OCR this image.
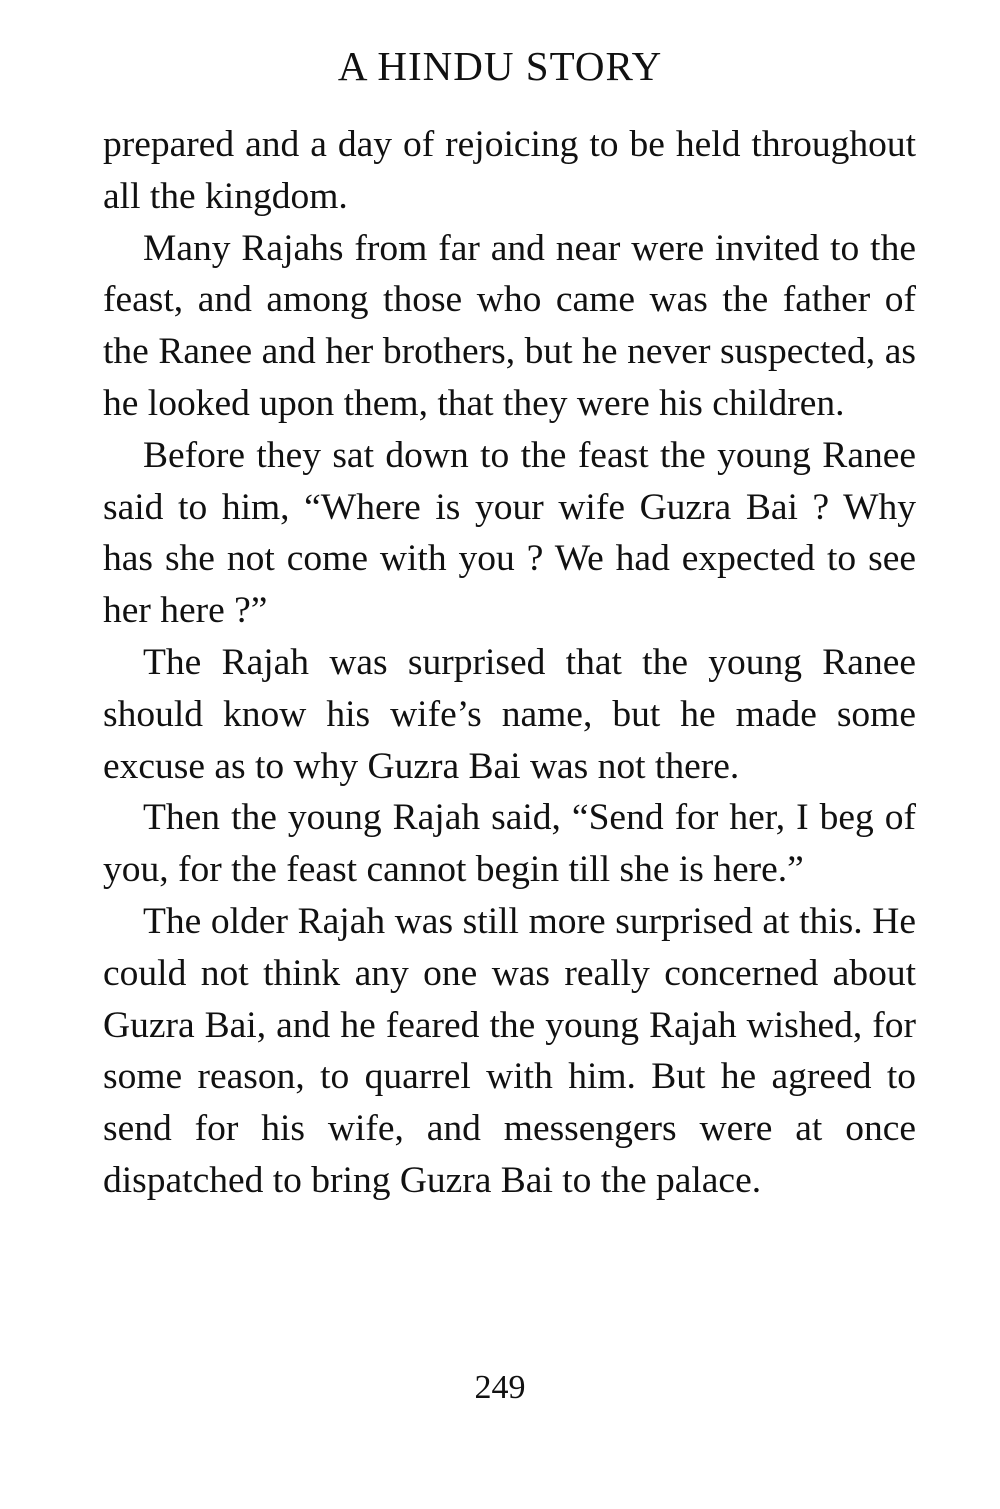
A HINDU STORY

prepared and a day of rejoicing to be held throughout all the kingdom.

Many Rajahs from far and near were invited to the feast, and among those who came was the father of the Ranee and her brothers, but he never suspected, as he looked upon them, that they were his children.

Before they sat down to the feast the young Ranee said to him, “Where is your wife Guzra Bai ? Why has she not come with you ? We had expected to see her here ?”

The Rajah was surprised that the young Ranee should know his wife’s name, but he made some excuse as to why Guzra Bai was not there.

Then the young Rajah said, “Send for her, I beg of you, for the feast cannot begin till she is here.”

The older Rajah was still more surprised at this. He could not think any one was really concerned about Guzra Bai, and he feared the young Rajah wished, for some reason, to quarrel with him. But he agreed to send for his wife, and messengers were at once dispatched to bring Guzra Bai to the palace.

249
